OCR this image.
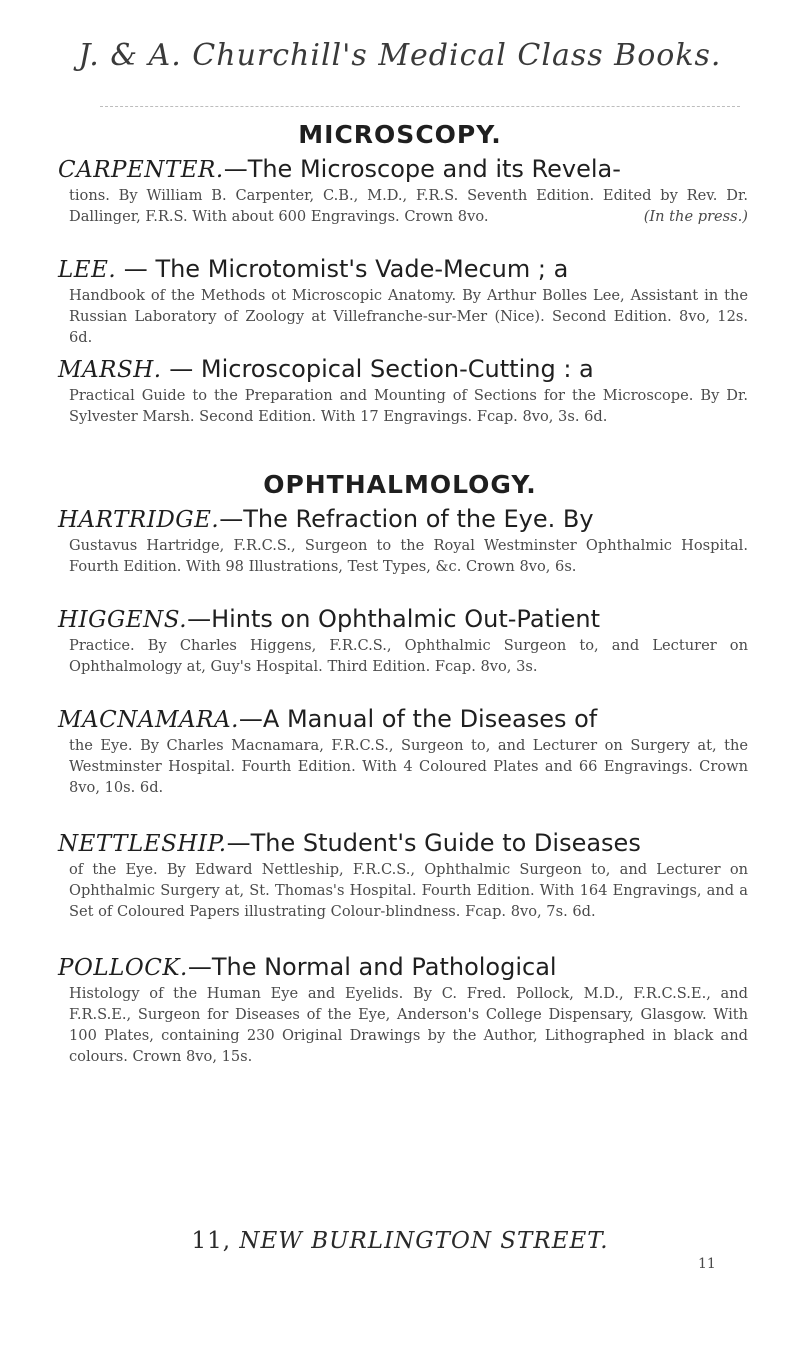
J. & A. Churchill's Medical Class Books.
MICROSCOPY.
CARPENTER.—The Microscope and its Revela-
tions. By William B. Carpenter, C.B., M.D., F.R.S. Seventh Edition. Edited by Rev. Dr. Dallinger, F.R.S. With about 600 Engravings. Crown 8vo.	(In the press.)
LEE. — The Microtomist's Vade-Mecum ; a
Handbook of the Methods ot Microscopic Anatomy. By Arthur Bolles Lee, Assistant in the Russian Laboratory of Zoology at Villefranche-sur-Mer (Nice). Second Edition. 8vo, 12s. 6d.
MARSH. — Microscopical Section-Cutting : a
Practical Guide to the Preparation and Mounting of Sections for the Microscope. By Dr. Sylvester Marsh. Second Edition. With 17 Engravings. Fcap. 8vo, 3s. 6d.
OPHTHALMOLOGY.
HARTRIDGE.—The Refraction of the Eye. By
Gustavus Hartridge, F.R.C.S., Surgeon to the Royal Westminster Ophthalmic Hospital. Fourth Edition. With 98 Illustrations, Test Types, &c. Crown 8vo, 6s.
HIGGENS.—Hints on Ophthalmic Out-Patient
Practice. By Charles Higgens, F.R.C.S., Ophthalmic Surgeon to, and Lecturer on Ophthalmology at, Guy's Hospital. Third Edition. Fcap. 8vo, 3s.
MACNAMARA.—A Manual of the Diseases of
the Eye. By Charles Macnamara, F.R.C.S., Surgeon to, and Lecturer on Surgery at, the Westminster Hospital. Fourth Edition. With 4 Coloured Plates and 66 Engravings. Crown 8vo, 10s. 6d.
NETTLESHIP.—The Student's Guide to Diseases
of the Eye. By Edward Nettleship, F.R.C.S., Ophthalmic Surgeon to, and Lecturer on Ophthalmic Surgery at, St. Thomas's Hospital. Fourth Edition. With 164 Engravings, and a Set of Coloured Papers illustrating Colour-blindness. Fcap. 8vo, 7s. 6d.
POLLOCK.—The Normal and Pathological
Histology of the Human Eye and Eyelids. By C. Fred. Pollock, M.D., F.R.C.S.E., and F.R.S.E., Surgeon for Diseases of the Eye, Anderson's College Dispensary, Glasgow. With 100 Plates, containing 230 Original Drawings by the Author, Lithographed in black and colours. Crown 8vo, 15s.
11, NEW BURLINGTON STREET.
11
